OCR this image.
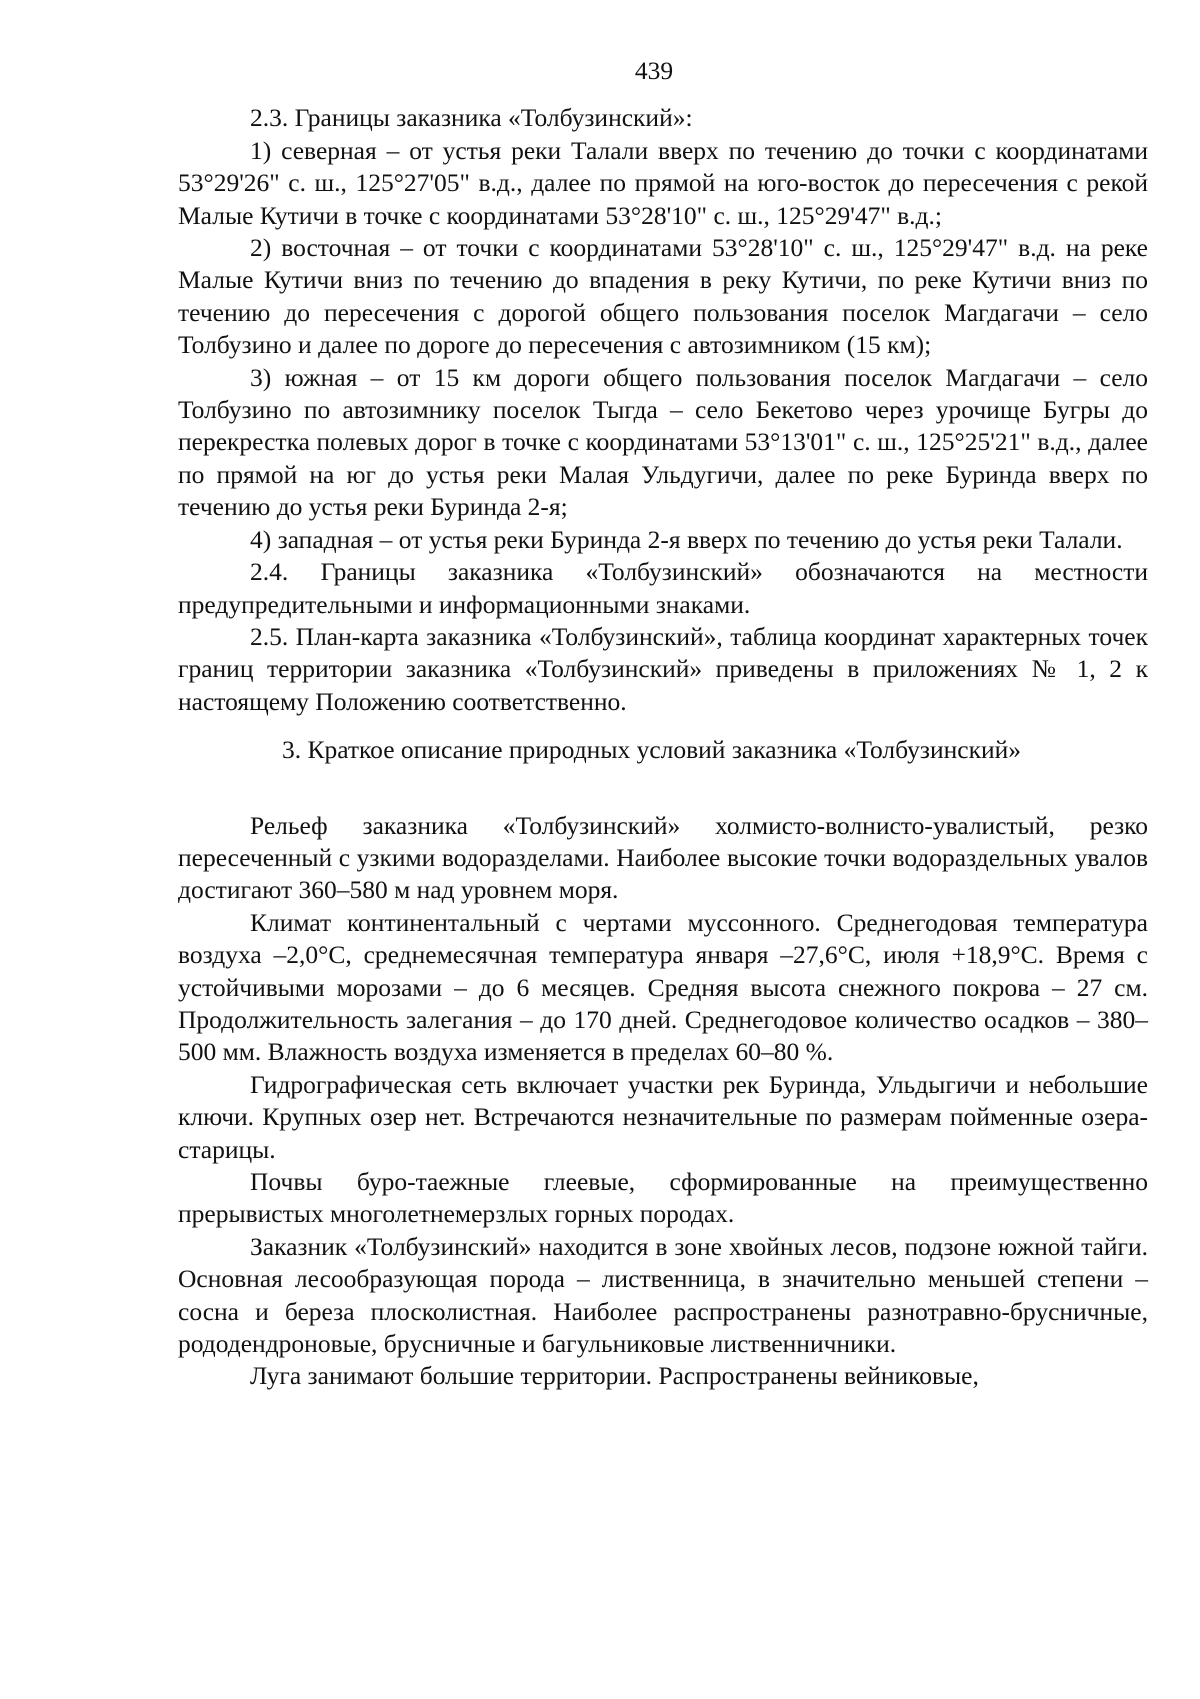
439

2.3. Границы заказника «Толбузинский»:

1) северная – от устья реки Талали вверх по течению до точки с координатами 53°29'26" с. ш., 125°27'05" в.д., далее по прямой на юго-восток до пересечения с рекой Малые Кутичи в точке с координатами 53°28'10" с. ш., 125°29'47" в.д.;

2) восточная – от точки с координатами 53°28'10" с. ш., 125°29'47" в.д. на реке Малые Кутичи вниз по течению до впадения в реку Кутичи, по реке Кутичи вниз по течению до пересечения с дорогой общего пользования поселок Магдагачи – село Толбузино и далее по дороге до пересечения с автозимником (15 км);

3) южная – от 15 км дороги общего пользования поселок Магдагачи – село Толбузино по автозимнику поселок Тыгда – село Бекетово через урочище Бугры до перекрестка полевых дорог в точке с координатами 53°13'01" с. ш., 125°25'21" в.д., далее по прямой на юг до устья реки Малая Ульдугичи, далее по реке Буринда вверх по течению до устья реки Буринда 2-я;

4) западная – от устья реки Буринда 2-я вверх по течению до устья реки Талали.

2.4. Границы заказника «Толбузинский» обозначаются на местности предупредительными и информационными знаками.

2.5. План-карта заказника «Толбузинский», таблица координат характерных точек границ территории заказника «Толбузинский» приведены в приложениях № 1, 2 к настоящему Положению соответственно.

3. Краткое описание природных условий заказника «Толбузинский»

Рельеф заказника «Толбузинский» холмисто-волнисто-увалистый, резко пересеченный с узкими водоразделами. Наиболее высокие точки водораздельных увалов достигают 360–580 м над уровнем моря.

Климат континентальный с чертами муссонного. Среднегодовая температура воздуха –2,0°С, среднемесячная температура января –27,6°С, июля +18,9°С. Время с устойчивыми морозами – до 6 месяцев. Средняя высота снежного покрова – 27 см. Продолжительность залегания – до 170 дней. Среднегодовое количество осадков – 380–500 мм. Влажность воздуха изменяется в пределах 60–80 %.

Гидрографическая сеть включает участки рек Буринда, Ульдыгичи и небольшие ключи. Крупных озер нет. Встречаются незначительные по размерам пойменные озера-старицы.

Почвы буро-таежные глеевые, сформированные на преимущественно прерывистых многолетнемерзлых горных породах.

Заказник «Толбузинский» находится в зоне хвойных лесов, подзоне южной тайги. Основная лесообразующая порода – лиственница, в значительно меньшей степени – сосна и береза плосколистная. Наиболее распространены разнотравно-брусничные, рододендроновые, брусничные и багульниковые лиственничники.

Луга занимают большие территории. Распространены вейниковые,
